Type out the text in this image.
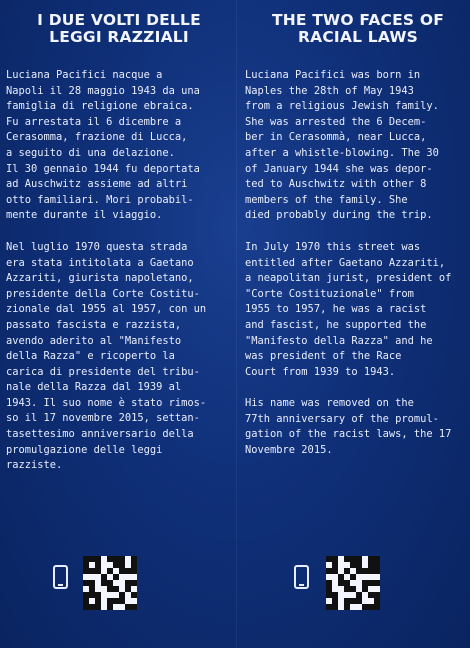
I DUE VOLTI DELLE
LEGGI RAZZIALI
Luciana Pacifici nacque a
Napoli il 28 maggio 1943 da una
famiglia di religione ebraica.
Fu arrestata il 6 dicembre a
Cerasomma, frazione di Lucca,
a seguito di una delazione.
Il 30 gennaio 1944 fu deportata
ad Auschwitz assieme ad altri
otto familiari. Mori probabil-
mente durante il viaggio.
Nel luglio 1970 questa strada
era stata intitolata a Gaetano
Azzariti, giurista napoletano,
presidente della Corte Costitu-
zionale dal 1955 al 1957, con un
passato fascista e razzista,
avendo aderito al "Manifesto
della Razza" e ricoperto la
carica di presidente del tribu-
nale della Razza dal 1939 al
1943. Il suo nome è stato rimos-
so il 17 novembre 2015, settan-
tasettesimo anniversario della
promulgazione delle leggi
razziste.
THE TWO FACES OF
RACIAL LAWS
Luciana Pacifici was born in
Naples the 28th of May 1943
from a religious Jewish family.
She was arrested the 6 Decem-
ber in Cerasommà, near Lucca,
after a whistle-blowing. The 30
of January 1944 she was depor-
ted to Auschwitz with other 8
members of the family. She
died probably during the trip.
In July 1970 this street was
entitled after Gaetano Azzariti,
a neapolitan jurist, president of
"Corte Costituzionale" from
1955 to 1957, he was a racist
and fascist, he supported the
"Manifesto della Razza" and he
was president of the Race
Court from 1939 to 1943.
His name was removed on the
77th anniversary of the promul-
gation of the racist laws, the 17
Novembre 2015.
